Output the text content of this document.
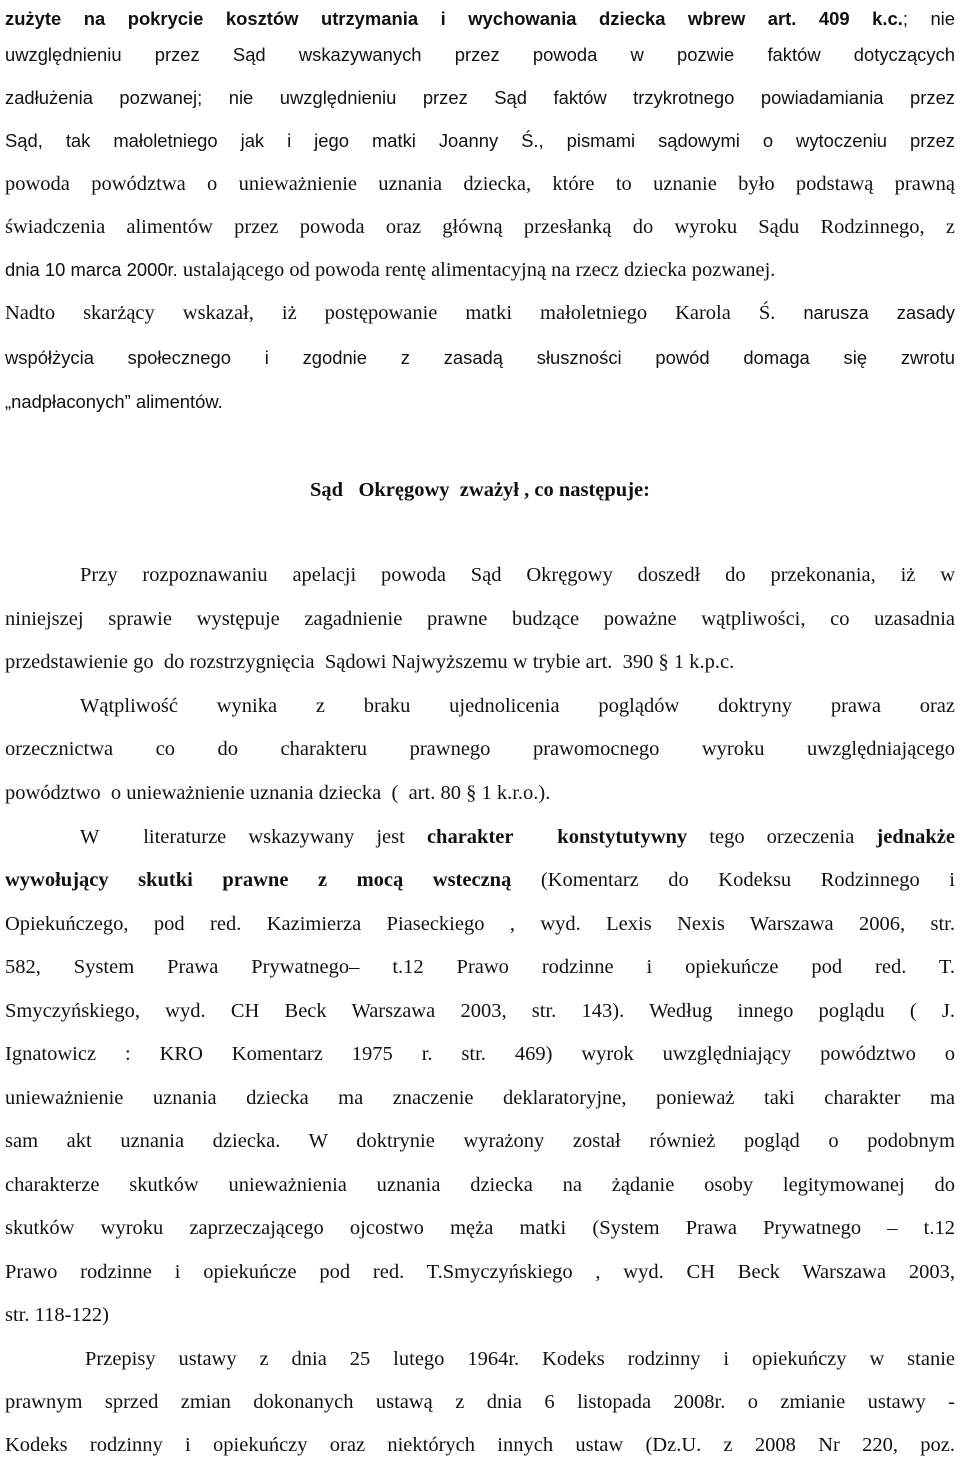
zużyte na pokrycie kosztów utrzymania i wychowania dziecka wbrew art. 409 k.c.; nie
uwzględnieniu przez Sąd wskazywanych przez powoda w pozwie faktów dotyczących
zadłużenia pozwanej; nie uwzględnieniu przez Sąd faktów trzykrotnego powiadamiania przez
Sąd, tak małoletniego jak i jego matki Joanny Ś., pismami sądowymi o wytoczeniu przez
powoda powództwa o unieważnienie uznania dziecka, które to uznanie było podstawą prawną
świadczenia alimentów przez powoda oraz główną przesłanką do wyroku Sądu Rodzinnego, z
dnia 10 marca 2000r. ustalającego od powoda rentę alimentacyjną na rzecz dziecka pozwanej.
Nadto skarżący wskazał, iż postępowanie matki małoletniego Karola Ś. narusza zasady
współżycia społecznego i zgodnie z zasadą słuszności powód domaga się zwrotu
„nadpłaconych” alimentów.
Sąd   Okręgowy  zważył , co następuje:
Przy rozpoznawaniu apelacji powoda Sąd Okręgowy doszedł do przekonania, iż w
niniejszej sprawie występuje zagadnienie prawne budzące poważne wątpliwości, co uzasadnia
przedstawienie go  do rozstrzygnięcia  Sądowi Najwyższemu w trybie art.  390 § 1 k.p.c.
Wątpliwość wynika z braku ujednolicenia poglądów doktryny prawa oraz
orzecznictwa co do charakteru prawnego prawomocnego wyroku uwzględniającego
powództwo  o unieważnienie uznania dziecka  (  art. 80 § 1 k.r.o.).
W  literaturze wskazywany jest charakter  konstytutywny tego orzeczenia jednakże
wywołujący skutki prawne z mocą wsteczną (Komentarz do Kodeksu Rodzinnego i
Opiekuńczego, pod red. Kazimierza Piaseckiego , wyd. Lexis Nexis Warszawa 2006, str.
582, System Prawa Prywatnego– t.12 Prawo rodzinne i opiekuńcze pod red. T.
Smyczyńskiego, wyd. CH Beck Warszawa 2003, str. 143). Według innego poglądu ( J.
Ignatowicz : KRO Komentarz 1975 r. str. 469) wyrok uwzględniający powództwo o
unieważnienie uznania dziecka ma znaczenie deklaratoryjne, ponieważ taki charakter ma
sam akt uznania dziecka. W doktrynie wyrażony został również pogląd o podobnym
charakterze skutków unieważnienia uznania dziecka na żądanie osoby legitymowanej do
skutków wyroku zaprzeczającego ojcostwo męża matki (System Prawa Prywatnego – t.12
Prawo rodzinne i opiekuńcze pod red. T.Smyczyńskiego , wyd. CH Beck Warszawa 2003,
str. 118-122)
Przepisy ustawy z dnia 25 lutego 1964r. Kodeks rodzinny i opiekuńczy w stanie
prawnym sprzed zmian dokonanych ustawą z dnia 6 listopada 2008r. o zmianie ustawy -
Kodeks rodzinny i opiekuńczy oraz niektórych innych ustaw (Dz.U. z 2008 Nr 220, poz.
